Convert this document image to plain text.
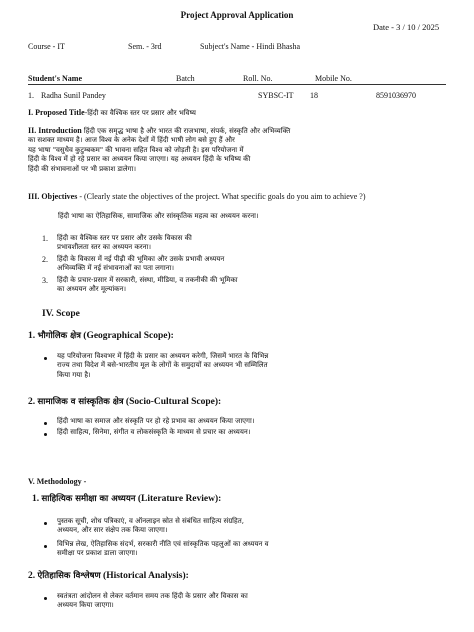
Project Approval Application
Date - 3 / 10 / 2025
Course - IT	Sem. - 3rd	Subject's Name - Hindi Bhasha
Student's Name	Batch	Roll. No.	Mobile No.
1. Radha Sunil Pandey	SYBSC-IT 18	8591036970
I. Proposed Title-हिंदी का वैश्विक स्तर पर प्रसार और भविष्य
II. Introduction हिंदी एक समृद्ध भाषा है और भारत की राजभाषा, संपर्क, संस्कृति और अभिव्यक्ति
का सशक्त माध्यम है। आज विश्व के अनेक देशों में हिंदी भाषी लोग बसे हुए हैं और
यह भाषा "वसुधैव कुटुम्बकम" की भावना सहित विश्व को जोड़ती है। इस परियोजना में
हिंदी के विश्व में हो रहे प्रसार का अध्ययन किया जाएगा। यह अध्ययन हिंदी के भविष्य की
हिंदी की संभावनाओं पर भी प्रकाश डालेगा।
III. Objectives - (Clearly state the objectives of the project. What specific goals do you aim to achieve ?)
हिंदी भाषा का ऐतिहासिक, सामाजिक और सांस्कृतिक महत्व का अध्ययन करना।
1. हिंदी का वैश्विक स्तर पर प्रसार और उसके विकास की
प्रभावशीलता स्तर का अध्ययन करना।
2. हिंदी के विकास में नई पीढ़ी की भूमिका और उसके प्रभावी अध्ययन
अभिव्यक्ति में नई संभावनाओं का पता लगाना।
3. हिंदी के प्रचार-प्रसार में सरकारी, संस्था, मीडिया, व तकनीकी की भूमिका
का अध्ययन और मूल्यांकन।
IV. Scope
1. भौगोलिक क्षेत्र (Geographical Scope):
यह परियोजना विश्वभर में हिंदी के प्रसार का अध्ययन करेगी, जिसमें भारत के विभिन्न
राज्य तथा विदेश में बसे-भारतीय मूल के लोगों के समुदायों का अध्ययन भी सम्मिलित
किया गया है।
2. सामाजिक व सांस्कृतिक क्षेत्र (Socio-Cultural Scope):
हिंदी भाषा का समाज और संस्कृति पर हो रहे प्रभाव का अध्ययन किया जाएगा।
हिंदी साहित्य, सिनेमा, संगीत व लोकसंस्कृति के माध्यम से प्रचार का अध्ययन।
V. Methodology -
1. साहित्यिक समीक्षा का अध्ययन (Literature Review):
पुस्तक सूची, शोध पत्रिकाएं, व ऑनलाइन स्रोत से संबंधित साहित्य संग्रहित,
अध्ययन, और सार संक्षेप तक किया जाएगा।
विभिन्न लेख, ऐतिहासिक संदर्भ, सरकारी नीति एवं सांस्कृतिक पहलुओं का अध्ययन व
समीक्षा पर प्रकाश डाला जाएगा।
2. ऐतिहासिक विश्लेषण (Historical Analysis):
स्वतंत्रता आंदोलन से लेकर वर्तमान समय तक हिंदी के प्रसार और विकास का
अध्ययन किया जाएगा।
